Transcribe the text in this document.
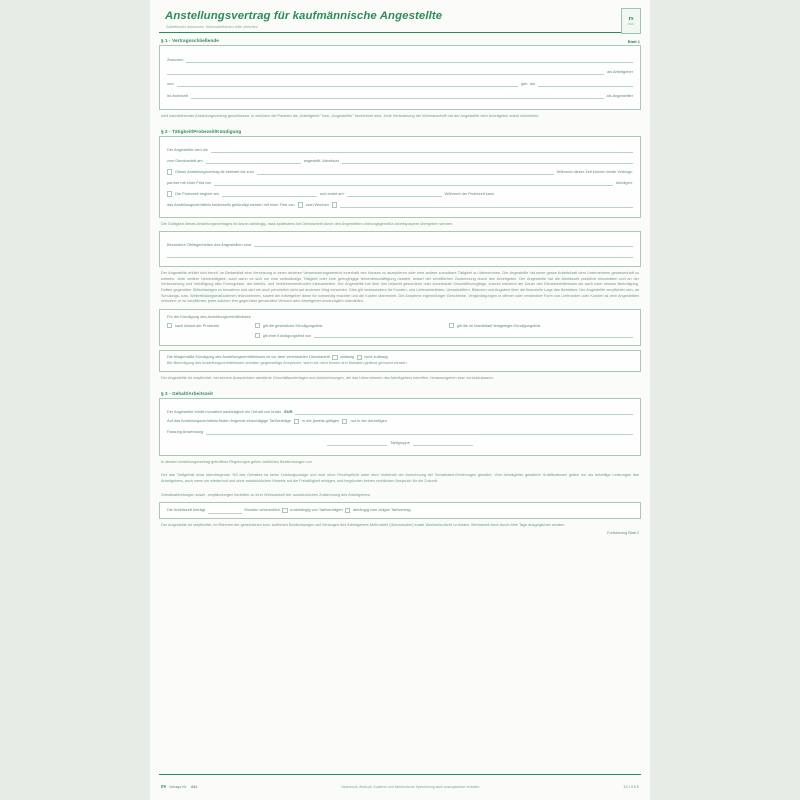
rs
RNK
Anstellungsvertrag für kaufmännische Angestellte
Zutreffendes ankreuzen, Nichtzutreffendes bitte streichen
Blatt 1
§ 1 - Vertragsschließende
Zwischen
als Arbeitgeber
und	geb. am
ist wohnhaft	als Angestellter
wird nachstehender Anstellungsvertrag geschlossen, in welchem die Parteien als „Arbeitgeber" bzw. „Angestellter" bezeichnet sind. Jede Veränderung der Wohnanschrift hat der Angestellte dem Arbeitgeber sofort mitzuteilen.
§ 2 - Tätigkeit/Probezeit/Kündigung
Der Angestellte wird als
zum Dienstantritt am	angestellt. Arbeitsort
Dieser Anstellungsvertrag ist befristet bis zum	Während dieser Zeit können beide Vertrags-
partner mit einer Frist von	kündigen.
Die Probezeit beginnt am	und endet am	Während der Probezeit kann
das Anstellungsverhältnis beiderseits gekündigt werden mit einer Frist von	zwei Wochen
Die Gültigkeit dieses Anstellungsvertrages ist davon abhängig, dass spätestens bei Dienstantritt durch den Angestellten ordnungsgemäße Arbeitspapiere übergeben werden.
Besondere Obliegenheiten des Angestellten sind
Der Angestellte erklärt sich bereit, im Bedarfsfall eine Versetzung in einen anderen Verantwortungsbereich innerhalb des Hauses zu akzeptieren oder eine andere zumutbare Tätigkeit zu übernehmen. Der Angestellte hat seine ganze Arbeitskraft dem Unternehmen gewissenhaft zu widmen. Jede weitere Nebentätigkeit, auch wenn es sich um eine selbständige Tätigkeit oder eine geringfügige Nebenbeschäftigung handelt, bedarf der schriftlichen Zustimmung durch den Arbeitgeber. Der Angestellte hat die Arbeitszeit pünktlich einzuhalten und an der Verbesserung und Verbilligung aller Erzeugnisse, der Arbeits- und Verfahrensmethoden mitzuarbeiten. Der Angestellte hat über ihm bekannt gewordene oder anvertraute Geschäftsvorgänge, sowohl während der Dauer des Dienstverhältnisses als auch nach dessen Beendigung, Dritten gegenüber Stillschweigen zu bewahren und darf sie auch persönlich nicht auf anderem Weg verwerten. Dies gilt insbesondere für Kunden- und Lieferantenlisten, Umsatzziffern, Bilanzen und Angaben über die finanzielle Lage des Betriebes. Der Angestellte verpflichtet sich, an Schulungs- bzw. Weiterbildungsmaßnahmen teilzunehmen, soweit der Arbeitgeber diese für notwendig erachtet und die Kosten übernimmt. Die Annahme eigennütziger Geschenke, Vergünstigungen in offener oder versteckter Form von Lieferanten oder Kunden ist dem Angestellten verboten; er ist verpflichtet, jeder solchen ihm gegenüber gemachten Versuch dem Arbeitgeber unverzüglich mitzuteilen.
Für die Kündigung des Anstellungsverhältnisses
nach Ablauf der Probezeit	gilt die gesetzliche Kündigungsfrist	gilt die im Manteltarif festgelegte Kündigungsfrist
gilt eine Kündigungsfrist von
Die fristgemäße Kündigung des Anstellungsverhältnisses ist vor dem vereinbarten Dienstantritt	zulässig	nicht zulässig
Bei Beendigung des Anstellungsverhältnisses verfallen gegenseitige Ansprüche, wenn sie nicht binnen drei Monaten geltend gemacht werden.
Der Angestellte ist verpflichtet, bei seinem Ausscheiden sämtliche Geschäftsunterlagen und Aufzeichnungen, die das Unternehmen des Arbeitgebers betreffen, herauszugeben bzw. zurückzulassen.
§ 3 - Gehalt/Arbeitszeit
Der Angestellte erhält monatlich nachträglich ein Gehalt von brutto EUR
Auf das Anstellungsverhältnis finden folgende einschlägige Tarifverträge	in der jeweils gültigen	nur in der derzeitigen
Fassung Anwendung
Tarifgruppe
In diesem Anstellungsvertrag getroffene Regelungen gehen tariflichen Bestimmungen vor.
Der das Tarifgehalt etwa übersteigende Teil des Gehaltes ist keine Leistungszulage und wird ohne Rechtspflicht unter dem Vorbehalt der Anrechnung bei Gehaltstarif-Erhöhungen gewährt. Vom Arbeitgeber gewährte Gratifikationen gelten nur als freiwillige Leistungen des Arbeitgebers, auch wenn sie wiederholt und ohne ausdrücklichen Hinweis auf die Freiwilligkeit erfolgen, und begründen keinen rechtlichen Anspruch für die Zukunft.
Gehaltsabtretungen sowie -verpfändungen bedürfen zu ihrer Wirksamkeit der ausdrücklichen Zustimmung des Arbeitgebers.
Die Arbeitszeit beträgt	Stunden wöchentlich	unabhängig von Tarifverträgen	abhängig vom obigen Tarifvertrag
Der Angestellte ist verpflichtet, im Rahmen der gesetzlichen bzw. tariflichen Bestimmungen auf Verlangen des Arbeitgebers Mehrarbeit (Überstunden) sowie Wechselschicht zu leisten. Mehrarbeit kann durch freie Tage ausgeglichen werden.
Fortsetzung Blatt 2
rs Verlags-Nr.
641	Nachdruck, Abdruck, Kopieren und elektronische Speicherung auch auszugsweise verboten	3.0 / 0.5 E
